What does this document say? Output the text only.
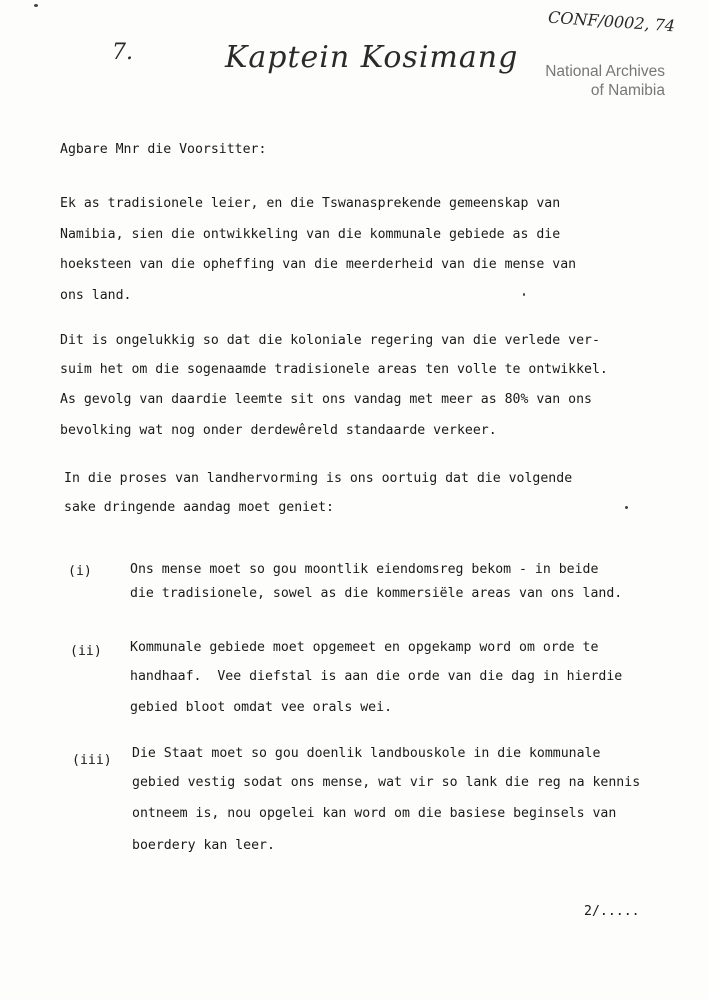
CONF/0002, 74
7.	Kaptein Kosimang	National Archives
of Namibia
Agbare Mnr die Voorsitter:
Ek as tradisionele leier, en die Tswanasprekende gemeenskap van
Namibia, sien die ontwikkeling van die kommunale gebiede as die
hoeksteen van die opheffing van die meerderheid van die mense van
ons land.
Dit is ongelukkig so dat die koloniale regering van die verlede ver-
suim het om die sogenaamde tradisionele areas ten volle te ontwikkel.
As gevolg van daardie leemte sit ons vandag met meer as 80% van ons
bevolking wat nog onder derdewêreld standaarde verkeer.
In die proses van landhervorming is ons oortuig dat die volgende
sake dringende aandag moet geniet:
(i)	Ons mense moet so gou moontlik eiendomsreg bekom - in beide
die tradisionele, sowel as die kommersiële areas van ons land.
(ii) Kommunale gebiede moet opgemeet en opgekamp word om orde te
handhaaf.  Vee diefstal is aan die orde van die dag in hierdie
gebied bloot omdat vee orals wei.
(iii) Die Staat moet so gou doenlik landbouskole in die kommunale
gebied vestig sodat ons mense, wat vir so lank die reg na kennis
ontneem is, nou opgelei kan word om die basiese beginsels van
boerdery kan leer.
2/.....
